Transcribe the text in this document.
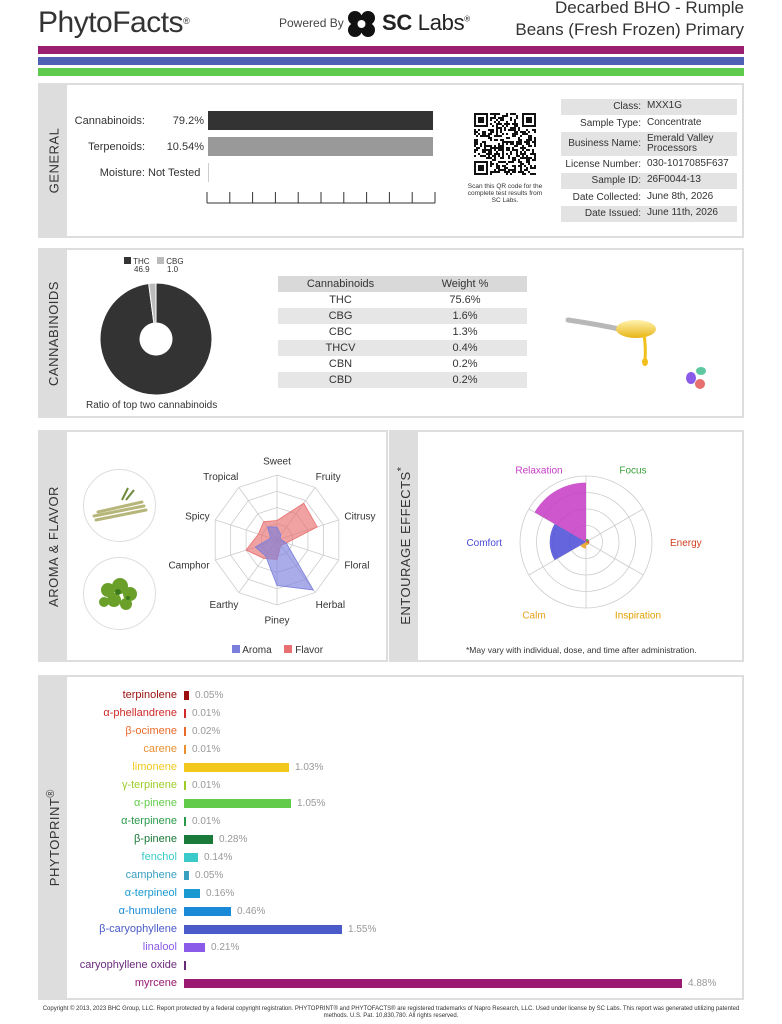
PhytoFacts®	Powered By SC Labs®
Decarbed BHO - Rumple Beans (Fresh Frozen) Primary
GENERAL	Scan this QR code for the complete test results from SC Labs.
Class: MXX1G
Sample Type: Concentrate
Business Name: Emerald Valley Processors
License Number: 030-1017085F637
Sample ID: 26F0044-13
Date Collected: June 8th, 2026
Date Issued: June 11th, 2026
CANNABINOIDS
THC
46.9
CBG
1.0
Ratio of top two cannabinoids
Cannabinoids	Weight %
THC	75.6%
CBG	1.6%
CBC	1.3%
THCV	0.4%
CBN	0.2%
CBD	0.2%
AROMA & FLAVOR
Sweet
Fruity
Citrusy
Floral
Herbal
Piney
Earthy
Camphor
Spicy
Tropical
Aroma Flavor
ENTOURAGE EFFECTS*	Relaxation	Focus
Energy
Inspiration
Calm
Comfort
*May vary with individual, dose, and time after administration.
PHYTOPRINT®
Copyright © 2013, 2023 BHC Group, LLC. Report protected by a federal copyright registration. PHYTOPRINT® and PHYTOFACTS® are registered trademarks of Napro Research, LLC. Used under license by SC Labs. This report was generated utilizing patented methods. U.S. Pat. 10,830,780. All rights reserved.
Cannabinoids:	79.2%
Terpenoids:	10.54%
Moisture: Not Tested
terpinolene 0.05%
α-phellandrene 0.01%
β-ocimene 0.02%
carene 0.01%
limonene	1.03%
γ-terpinene 0.01%
α-pinene	1.05%
α-terpinene 0.01%
β-pinene	0.28%
fenchol	0.14%
camphene 0.05%
α-terpineol	0.16%
α-humulene	0.46%
β-caryophyllene	1.55%
linalool	0.21%
caryophyllene oxide
myrcene	4.88%
